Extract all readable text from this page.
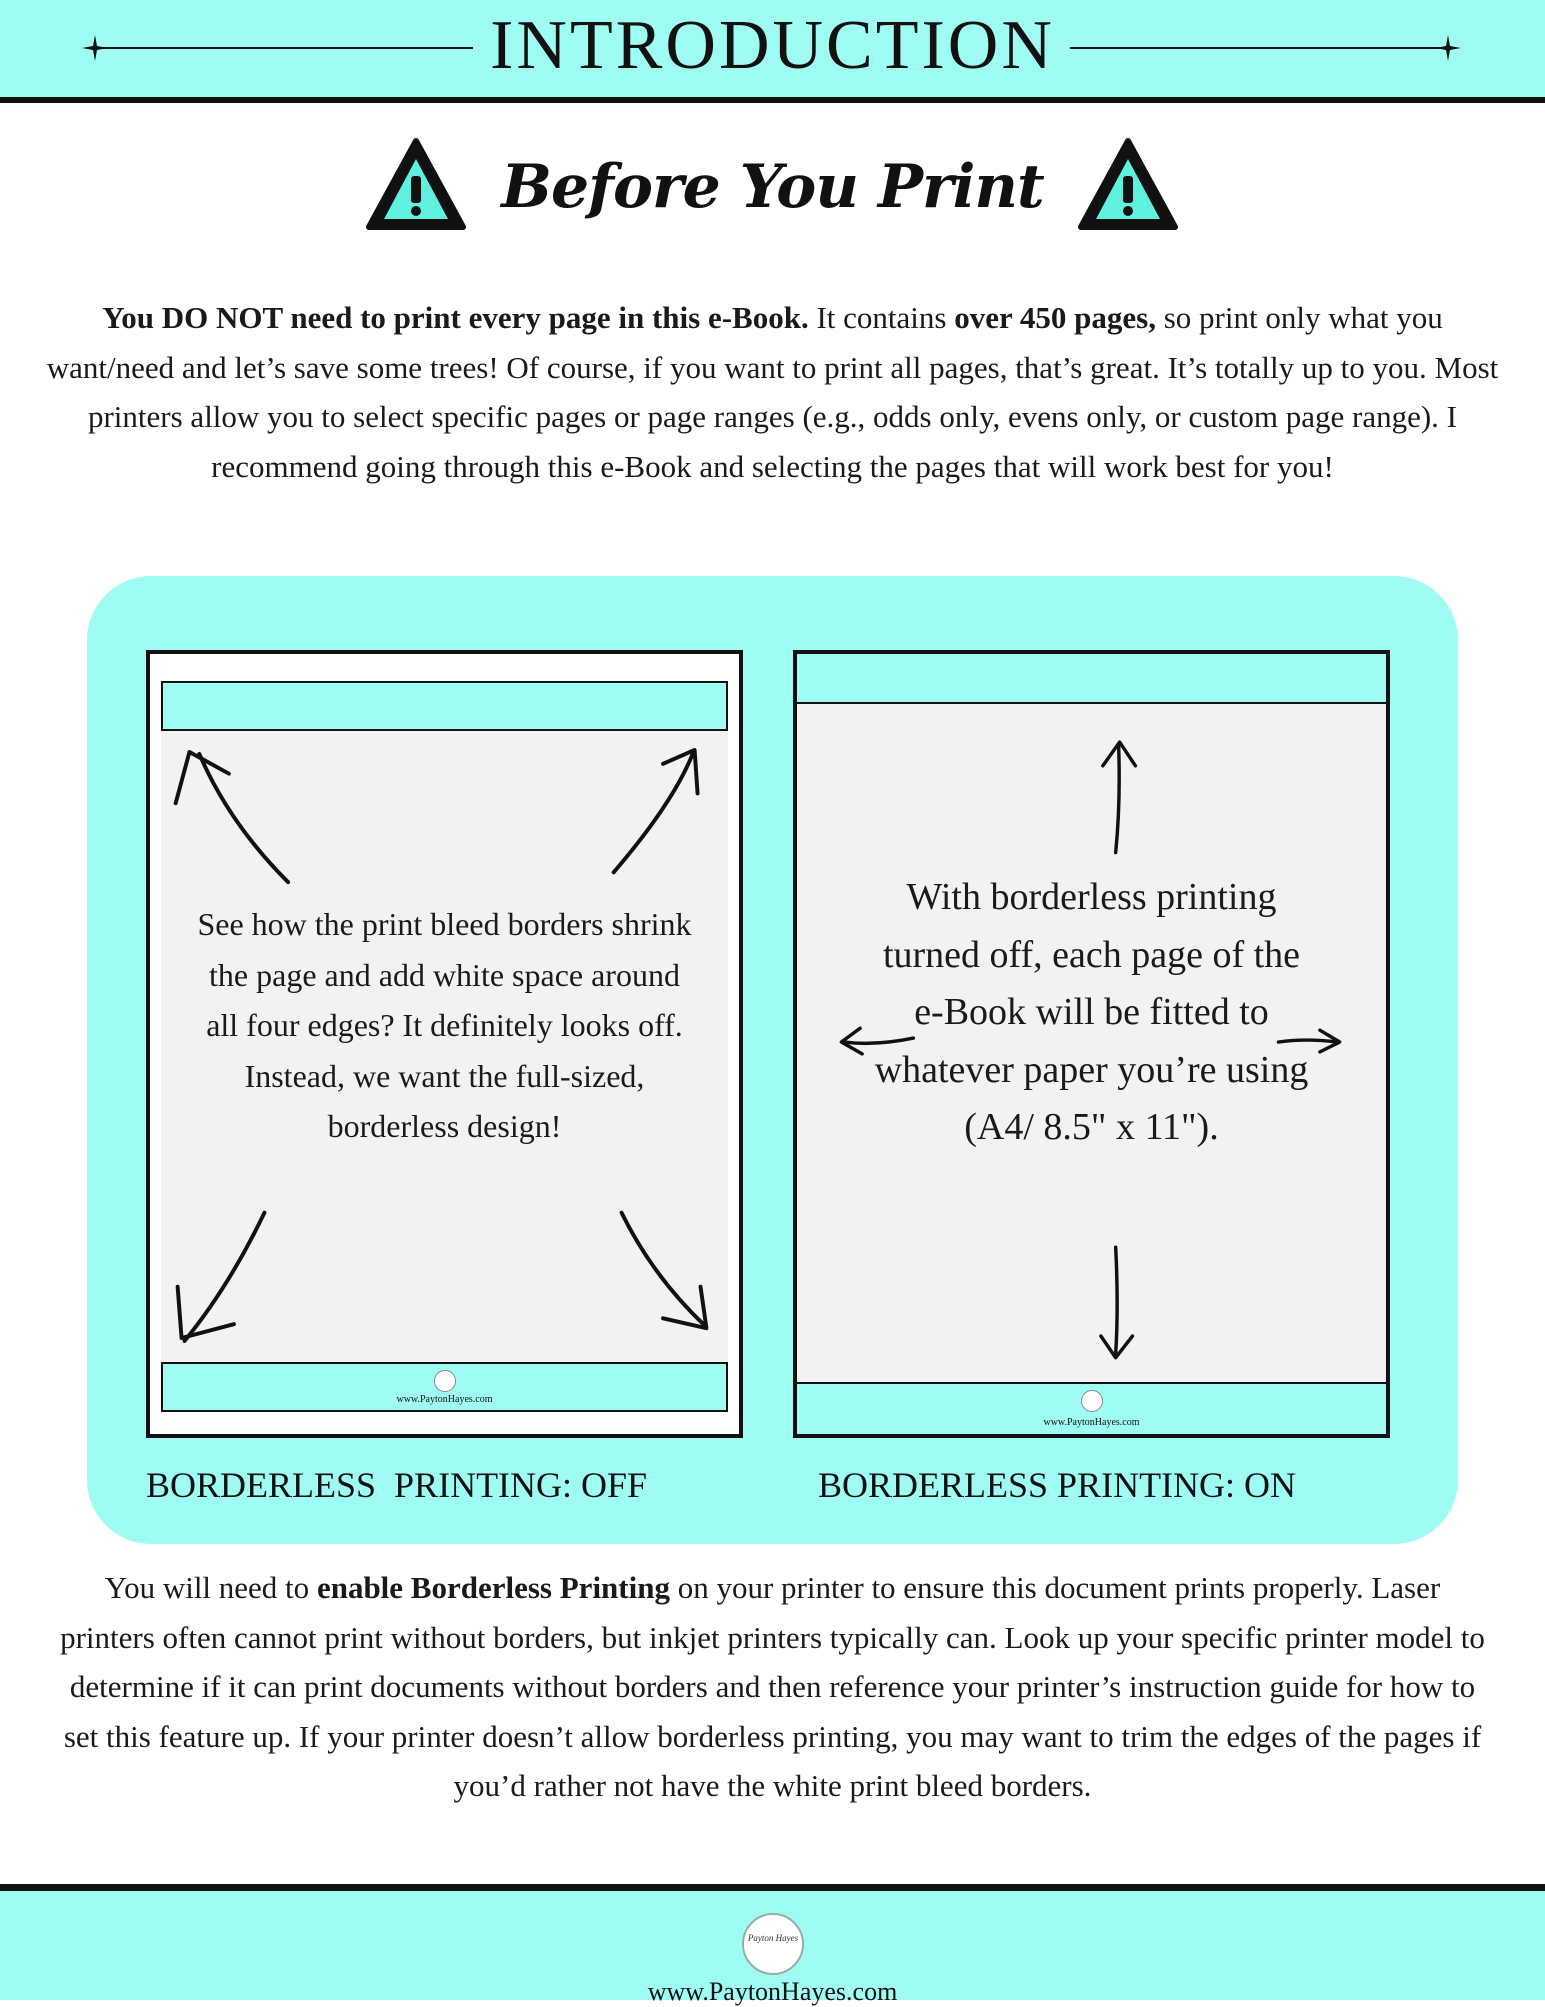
INTRODUCTION
Before You Print

You DO NOT need to print every page in this e-Book. It contains over 450 pages, so print only what you want/need and let’s save some trees! Of course, if you want to print all pages, that’s great. It’s totally up to you. Most printers allow you to select specific pages or page ranges (e.g., odds only, evens only, or custom page range). I recommend going through this e-Book and selecting the pages that will work best for you!

www.PaytonHayes.com
See how the print bleed borders shrink the page and add white space around all four edges? It definitely looks off. Instead, we want the full-sized, borderless design!
www.PaytonHayes.com
With borderless printing turned off, each page of the e-Book will be fitted to whatever paper you’re using (A4/ 8.5" x 11").
BORDERLESS  PRINTING: OFF	BORDERLESS PRINTING: ON

You will need to enable Borderless Printing on your printer to ensure this document prints properly. Laser printers often cannot print without borders, but inkjet printers typically can. Look up your specific printer model to determine if it can print documents without borders and then reference your printer’s instruction guide for how to set this feature up. If your printer doesn’t allow borderless printing, you may want to trim the edges of the pages if you’d rather not have the white print bleed borders.

Payton Hayes
www.PaytonHayes.com
